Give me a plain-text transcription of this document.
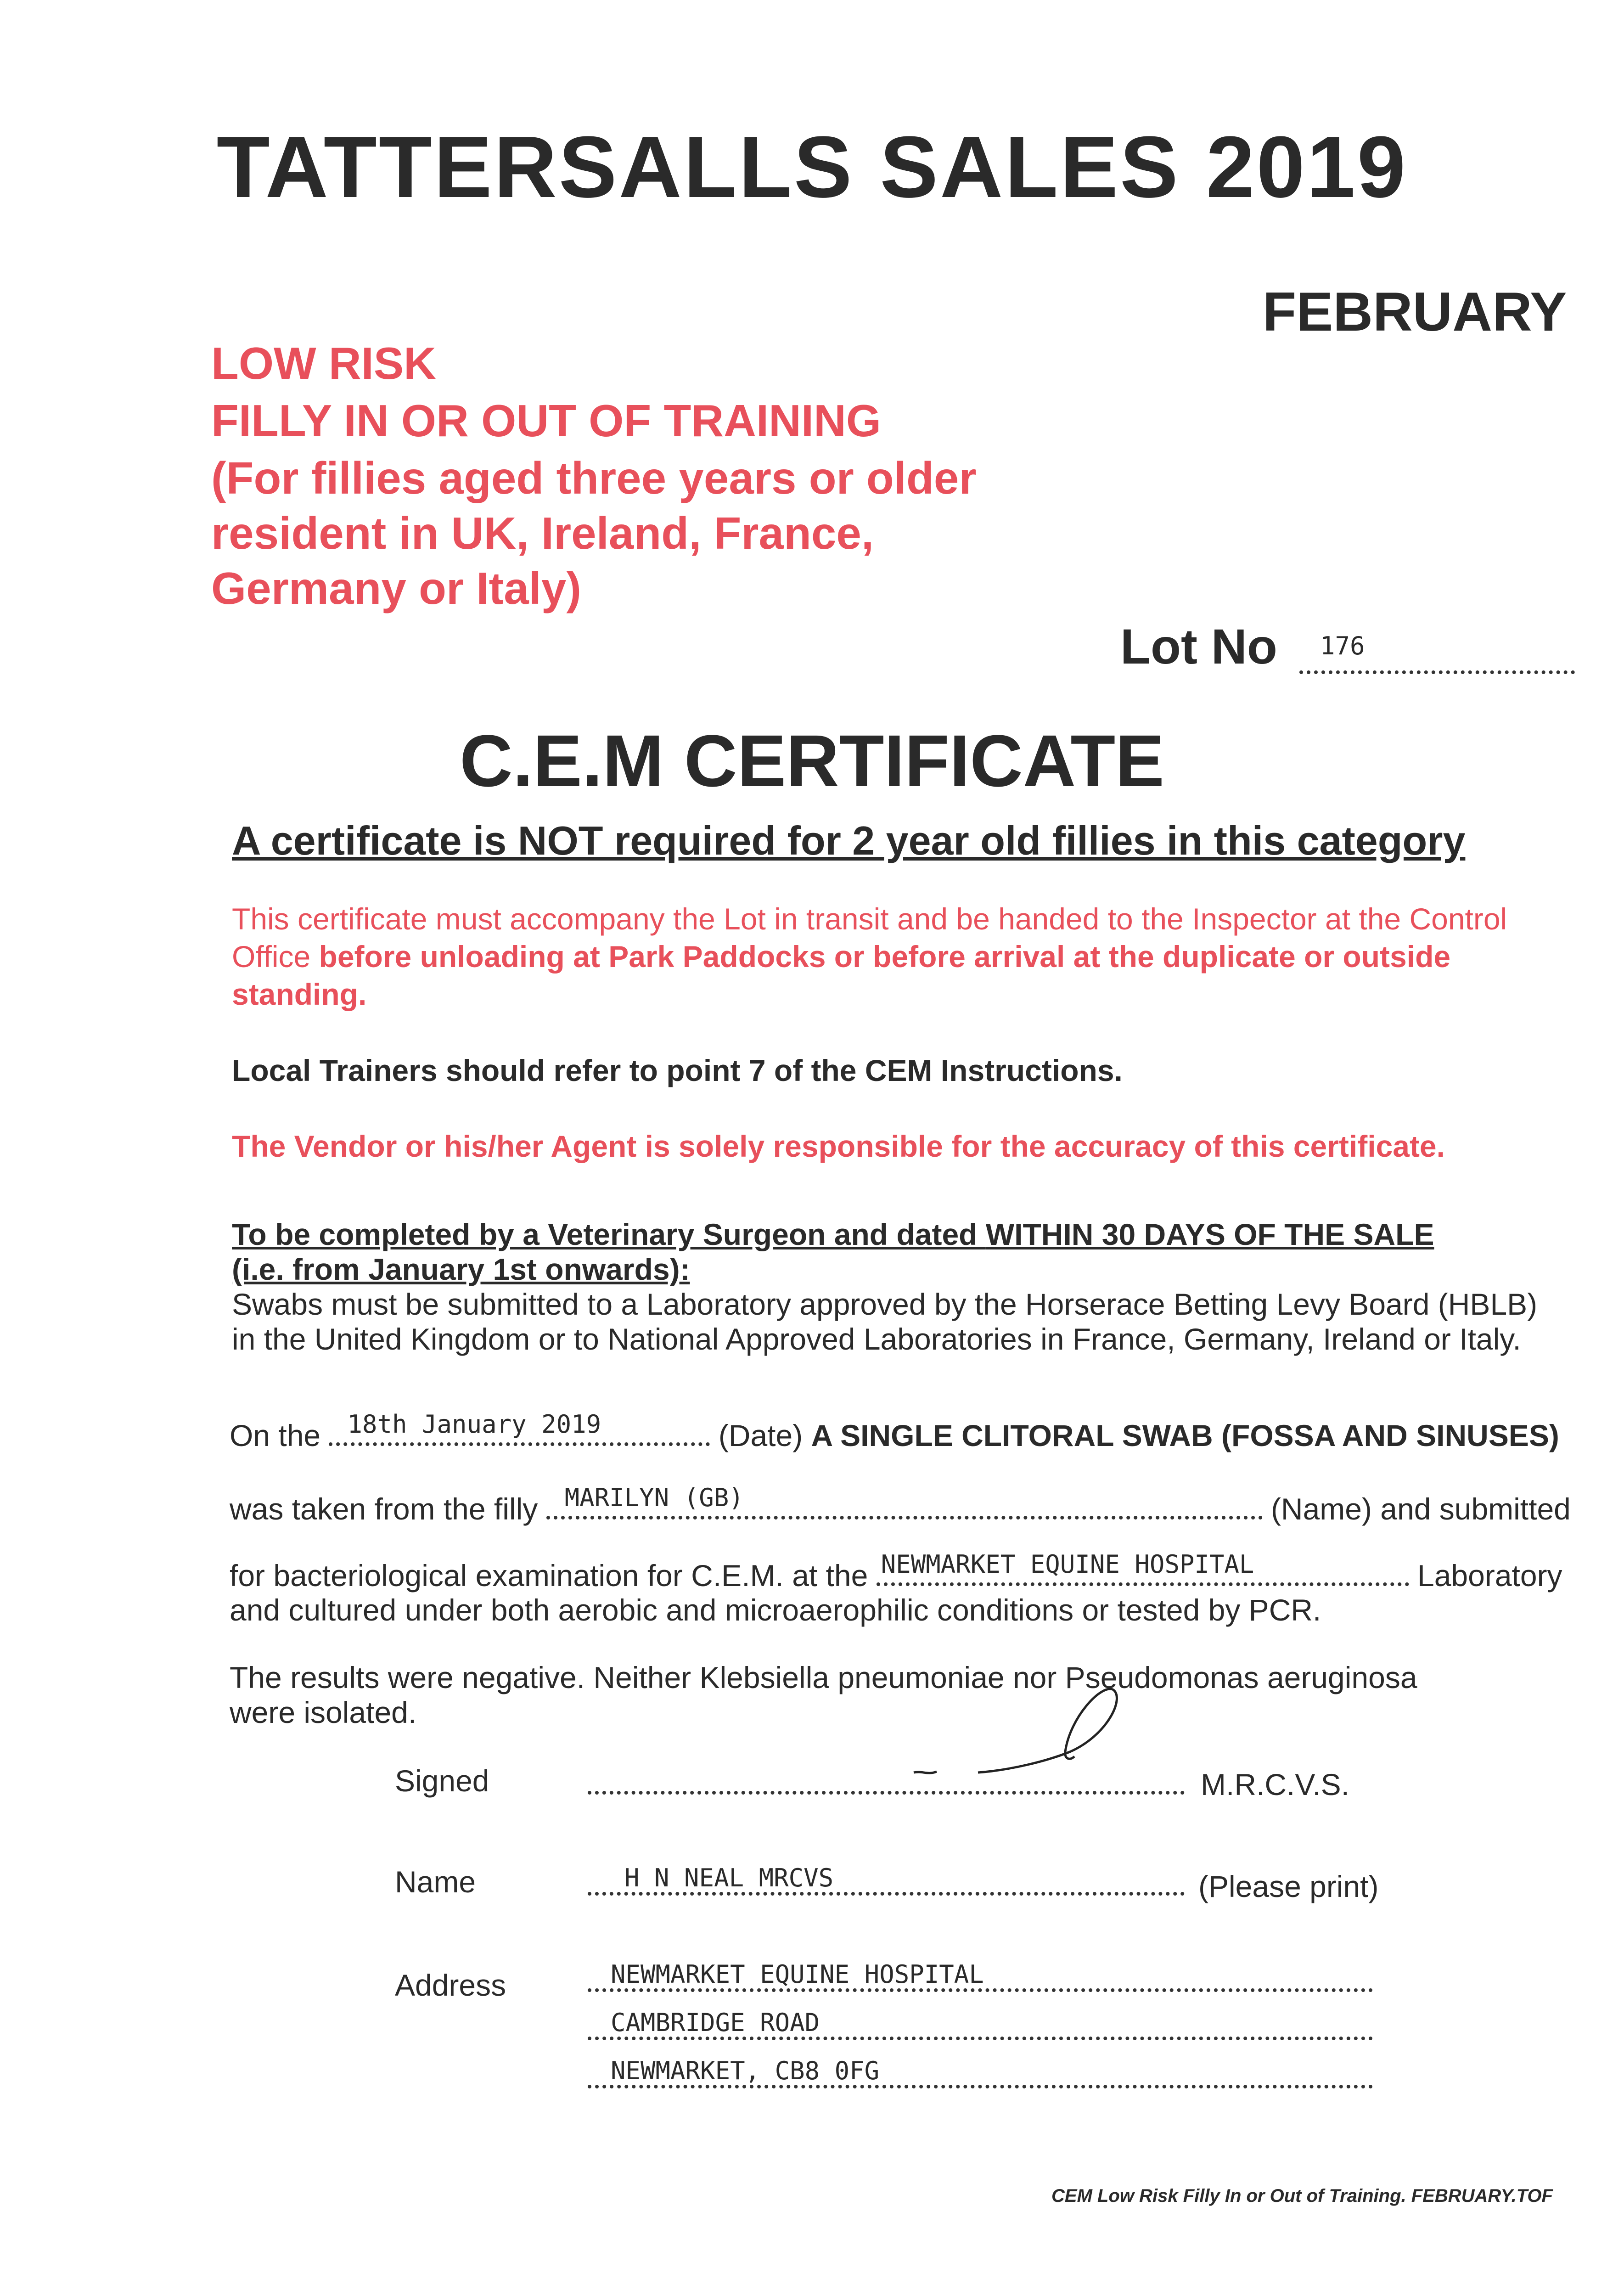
TATTERSALLS SALES 2019
FEBRUARY
LOW RISK
FILLY IN OR OUT OF TRAINING
(For fillies aged three years or older
resident in UK, Ireland, France,
Germany or Italy)
Lot No 176
C.E.M CERTIFICATE
A certificate is NOT required for 2 year old fillies in this category
This certificate must accompany the Lot in transit and be handed to the Inspector at the Control Office before unloading at Park Paddocks or before arrival at the duplicate or outside standing.
Local Trainers should refer to point 7 of the CEM Instructions.
The Vendor or his/her Agent is solely responsible for the accuracy of this certificate.
To be completed by a Veterinary Surgeon and dated WITHIN 30 DAYS OF THE SALE
(i.e. from January 1st onwards):
Swabs must be submitted to a Laboratory approved by the Horserace Betting Levy Board (HBLB) in the United Kingdom or to National Approved Laboratories in France, Germany, Ireland or Italy.
On the 18th January 2019	(Date) A SINGLE CLITORAL SWAB (FOSSA AND SINUSES)
was taken from the filly MARILYN (GB)	(Name) and submitted
for bacteriological examination for C.E.M. at the NEWMARKET EQUINE HOSPITAL	Laboratory
and cultured under both aerobic and microaerophilic conditions or tested by PCR.
The results were negative. Neither Klebsiella pneumoniae nor Pseudomonas aeruginosa were isolated.
Signed	M.R.C.V.S.
Name	H N NEAL MRCVS	(Please print)
Address	NEWMARKET EQUINE HOSPITAL
CAMBRIDGE ROAD
NEWMARKET, CB8 0FG
CEM Low Risk Filly In or Out of Training. FEBRUARY.TOF
